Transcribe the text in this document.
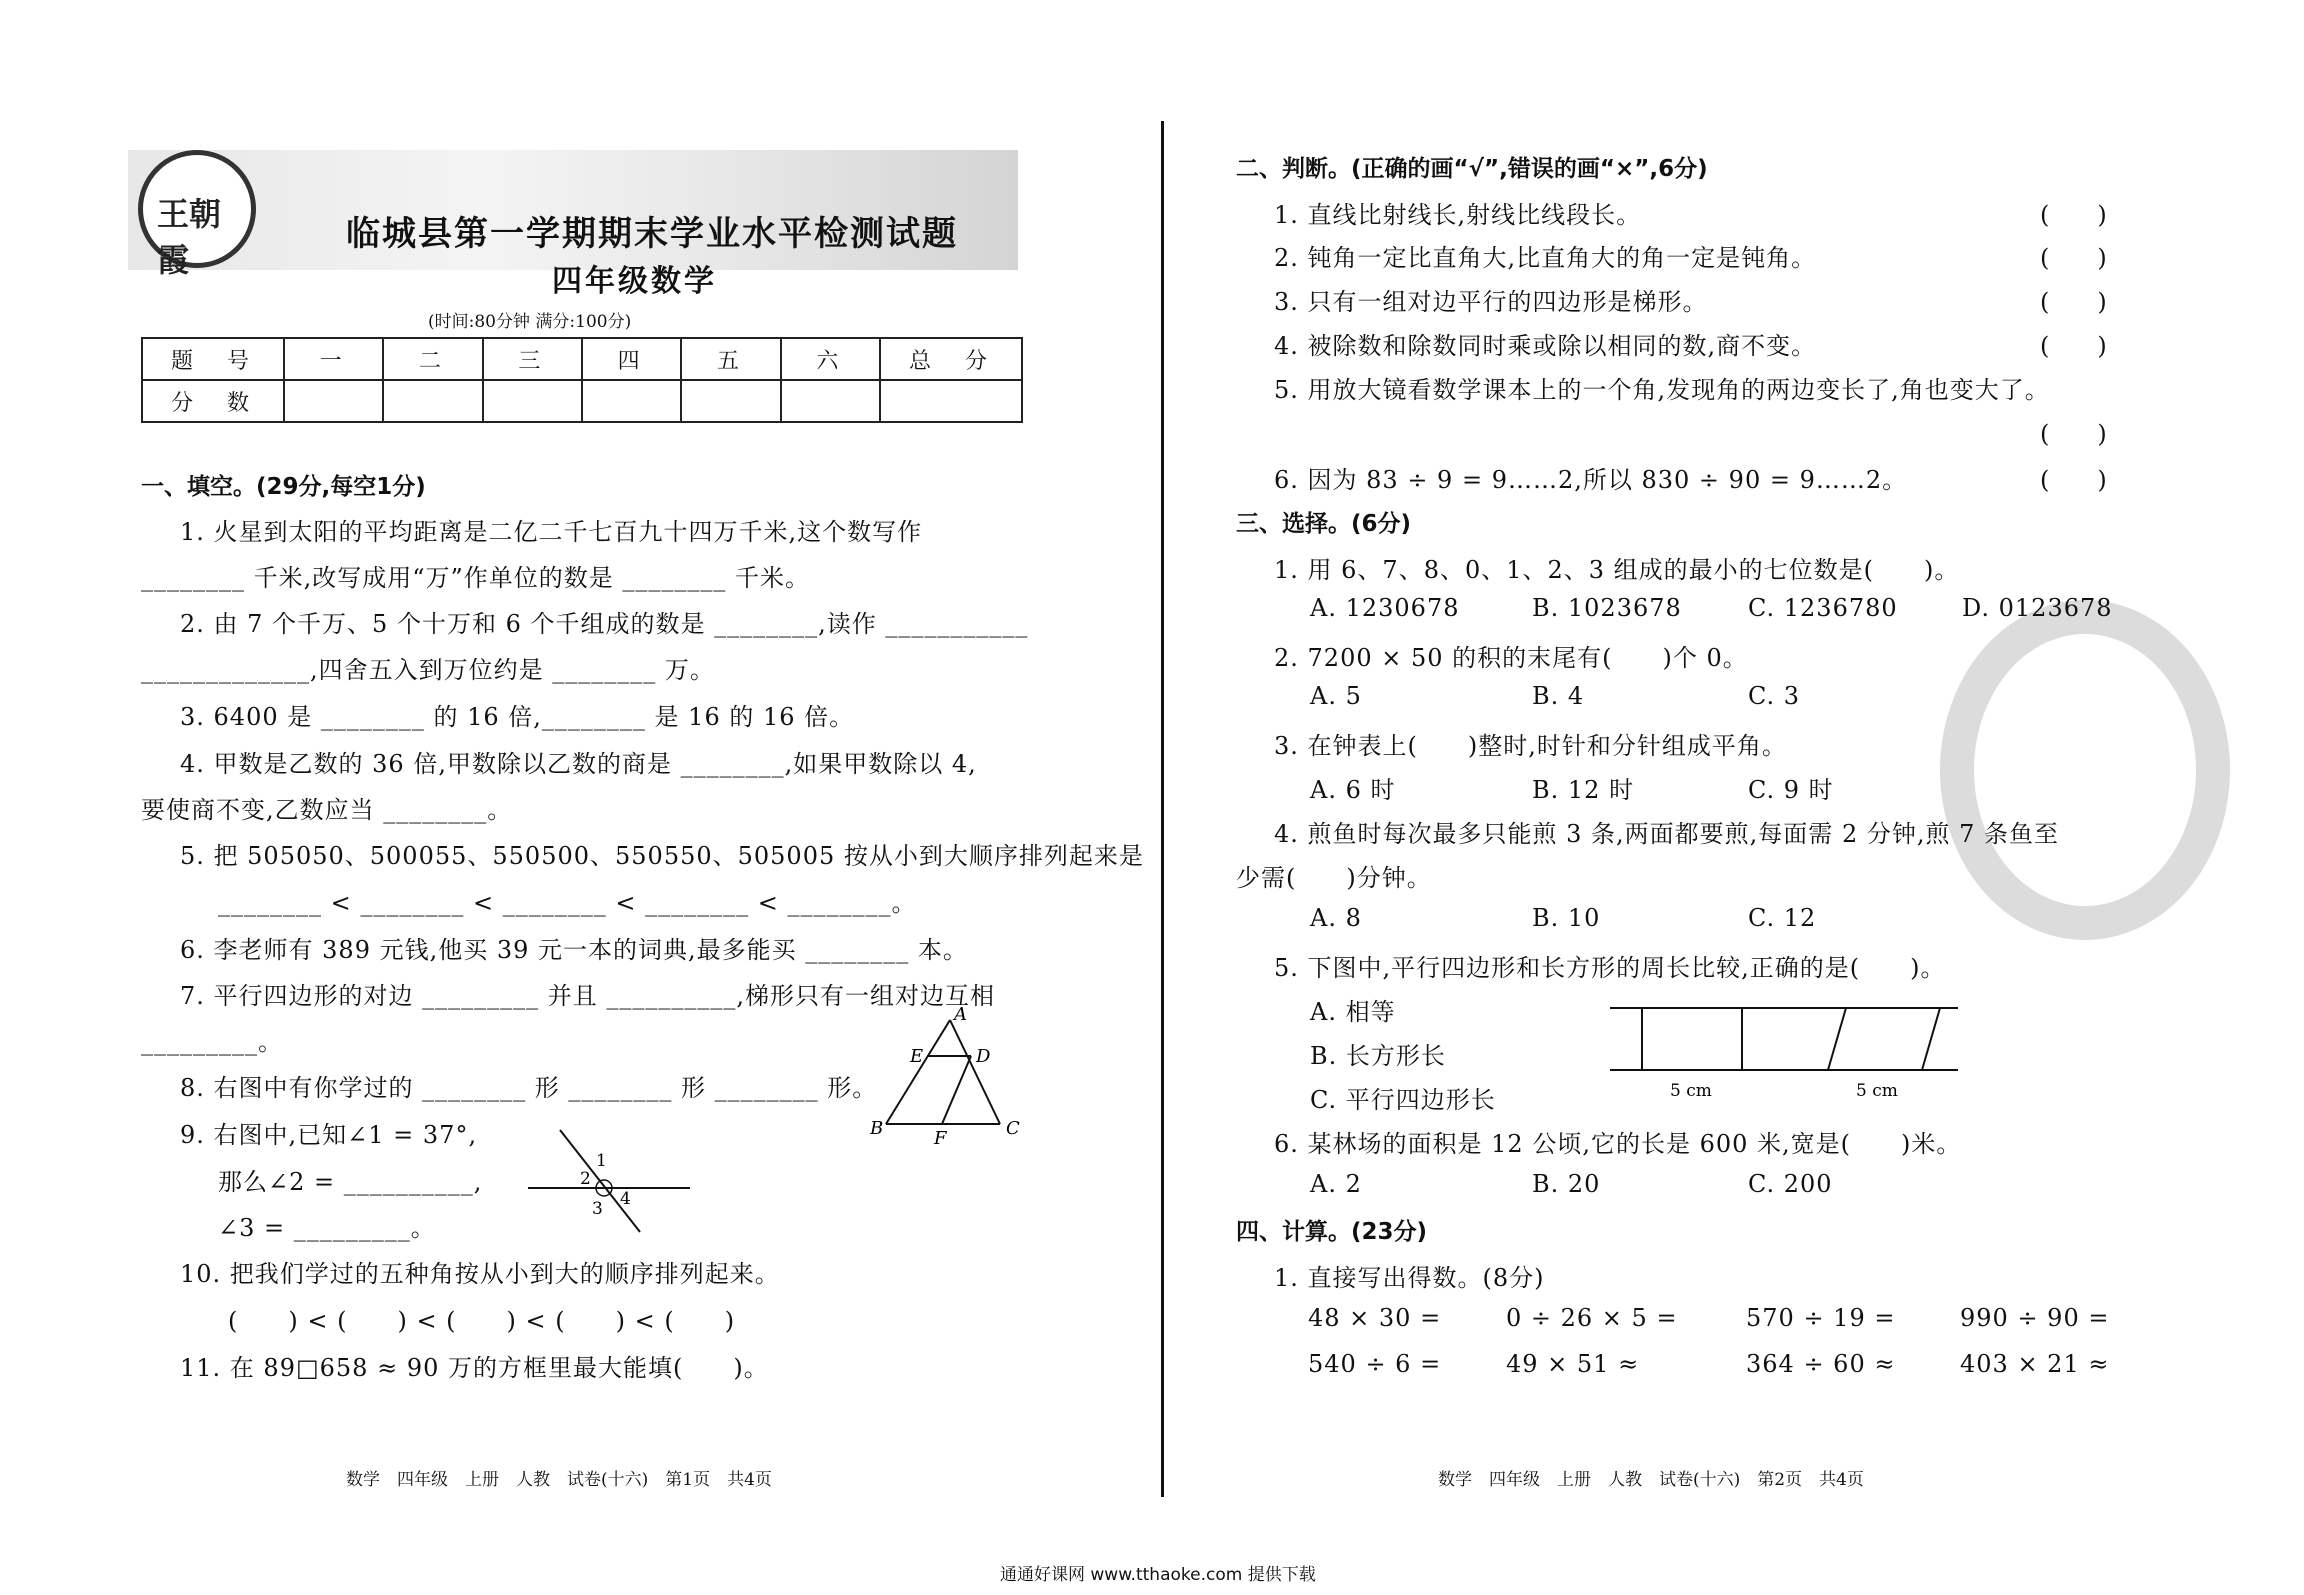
王朝霞
临城县第一学期期末学业水平检测试题
四年级数学
(时间:80分钟 满分:100分)
题　号	一	二	三	四	五	六	总　分
分　数							
一、填空。(29分,每空1分)
1. 火星到太阳的平均距离是二亿二千七百九十四万千米,这个数写作
________ 千米,改写成用“万”作单位的数是 ________ 千米。
2. 由 7 个千万、5 个十万和 6 个千组成的数是 ________,读作 ___________
_____________,四舍五入到万位约是 ________ 万。
3. 6400 是 ________ 的 16 倍,________ 是 16 的 16 倍。
4. 甲数是乙数的 36 倍,甲数除以乙数的商是 ________,如果甲数除以 4,
要使商不变,乙数应当 ________。
5. 把 505050、500055、550500、550550、505005 按从小到大顺序排列起来是
________ < ________ < ________ < ________ < ________。
6. 李老师有 389 元钱,他买 39 元一本的词典,最多能买 ________ 本。
7. 平行四边形的对边 _________ 并且 __________,梯形只有一组对边互相
_________。
8. 右图中有你学过的 ________ 形 ________ 形 ________ 形。
9. 右图中,已知∠1 = 37°,
那么∠2 = __________,
∠3 = _________。
10. 把我们学过的五种角按从小到大的顺序排列起来。
(　　) < (　　) < (　　) < (　　) < (　　)
11. 在 89□658 ≈ 90 万的方框里最大能填(　　)。
A
E	D
B	C
F
1
2
3 4
数学　四年级　上册　人教　试卷(十六)　第1页　共4页
二、判断。(正确的画“√”,错误的画“×”,6分)
1. 直线比射线长,射线比线段长。	(　　)
2. 钝角一定比直角大,比直角大的角一定是钝角。	(　　)
3. 只有一组对边平行的四边形是梯形。	(　　)
4. 被除数和除数同时乘或除以相同的数,商不变。	(　　)
5. 用放大镜看数学课本上的一个角,发现角的两边变长了,角也变大了。
(　　)
6. 因为 83 ÷ 9 = 9……2,所以 830 ÷ 90 = 9……2。	(　　)
三、选择。(6分)
1. 用 6、7、8、0、1、2、3 组成的最小的七位数是(　　)。
A. 1230678	B. 1023678	C. 1236780	D. 0123678
2. 7200 × 50 的积的末尾有(　　)个 0。
A. 5	B. 4	C. 3
3. 在钟表上(　　)整时,时针和分针组成平角。
A. 6 时	B. 12 时	C. 9 时
4. 煎鱼时每次最多只能煎 3 条,两面都要煎,每面需 2 分钟,煎 7 条鱼至
少需(　　)分钟。
A. 8	B. 10	C. 12
5. 下图中,平行四边形和长方形的周长比较,正确的是(　　)。
A. 相等
B. 长方形长
C. 平行四边形长	5 cm	5 cm
6. 某林场的面积是 12 公顷,它的长是 600 米,宽是(　　)米。
A. 2	B. 20	C. 200
四、计算。(23分)
1. 直接写出得数。(8分)
48 × 30 =	0 ÷ 26 × 5 =	570 ÷ 19 =	990 ÷ 90 =
540 ÷ 6 =	49 × 51 ≈	364 ÷ 60 ≈	403 × 21 ≈
数学　四年级　上册　人教　试卷(十六)　第2页　共4页
通通好课网 www.tthaoke.com 提供下载
